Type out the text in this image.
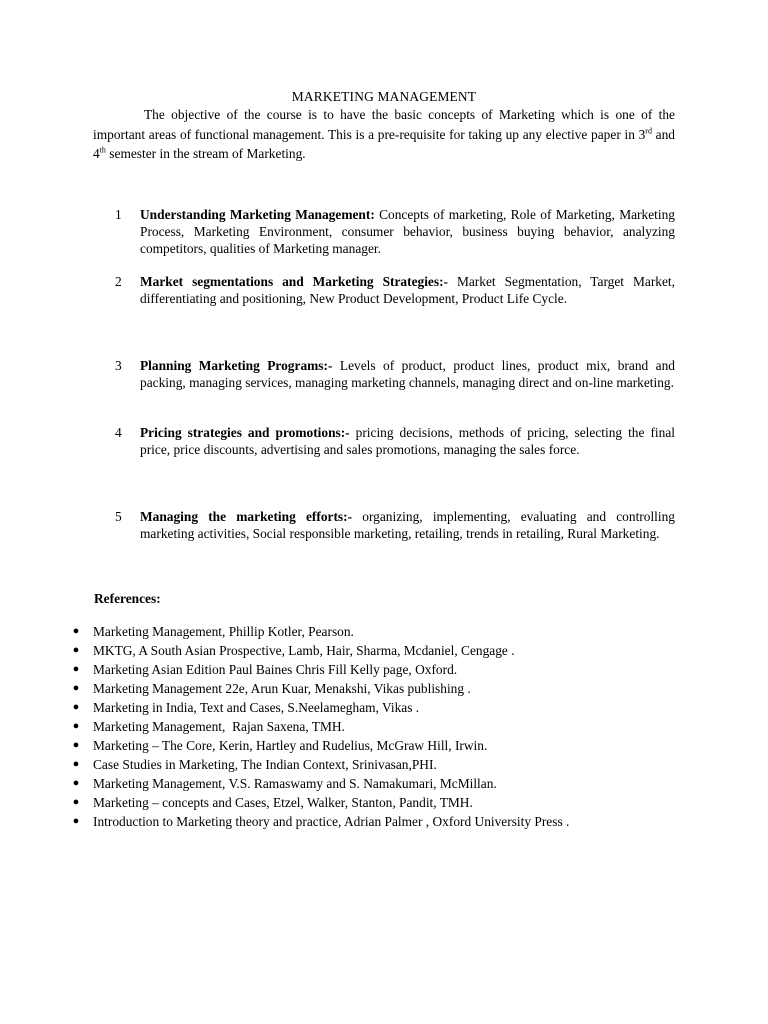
MARKETING MANAGEMENT

The objective of the course is to have the basic concepts of Marketing which is one of the important areas of functional management. This is a pre-requisite for taking up any elective paper in 3rd and 4th semester in the stream of Marketing.

1	Understanding Marketing Management: Concepts of marketing, Role of Marketing, Marketing Process, Marketing Environment, consumer behavior, business buying behavior, analyzing competitors, qualities of Marketing manager.
2	Market segmentations and Marketing Strategies:- Market Segmentation, Target Market, differentiating and positioning, New Product Development, Product Life Cycle.
3	Planning Marketing Programs:- Levels of product, product lines, product mix, brand and packing, managing services, managing marketing channels, managing direct and on-line marketing.
4	Pricing strategies and promotions:- pricing decisions, methods of pricing, selecting the final price, price discounts, advertising and sales promotions, managing the sales force.
5	Managing the marketing efforts:- organizing, implementing, evaluating and controlling marketing activities, Social responsible marketing, retailing, trends in retailing, Rural Marketing.
References:
● Marketing Management, Phillip Kotler, Pearson.
● MKTG, A South Asian Prospective, Lamb, Hair, Sharma, Mcdaniel, Cengage .
● Marketing Asian Edition Paul Baines Chris Fill Kelly page, Oxford.
● Marketing Management 22e, Arun Kuar, Menakshi, Vikas publishing .
● Marketing in India, Text and Cases, S.Neelamegham, Vikas .
● Marketing Management,  Rajan Saxena, TMH.
● Marketing – The Core, Kerin, Hartley and Rudelius, McGraw Hill, Irwin.
● Case Studies in Marketing, The Indian Context, Srinivasan,PHI.
● Marketing Management, V.S. Ramaswamy and S. Namakumari, McMillan.
● Marketing – concepts and Cases, Etzel, Walker, Stanton, Pandit, TMH.
● Introduction to Marketing theory and practice, Adrian Palmer , Oxford University Press .
